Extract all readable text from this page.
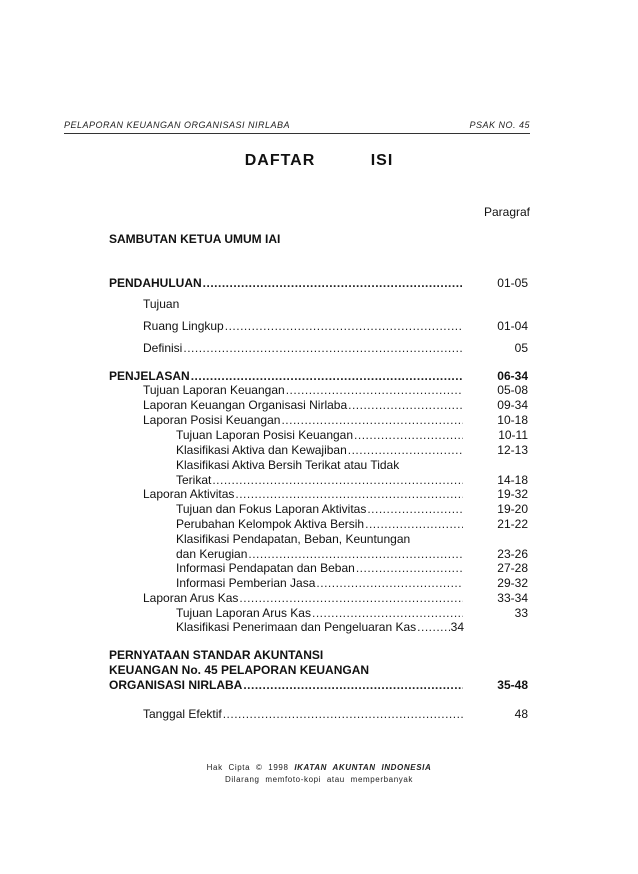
PELAPORAN KEUANGAN ORGANISASI NIRLABA	PSAK NO. 45
DAFTAR ISI
Paragraf
SAMBUTAN KETUA UMUM IAI
PENDAHULUAN .....	01-05
Tujuan
Ruang Lingkup .....	01-04
Definisi .....	05
PENJELASAN .....	06-34
Tujuan Laporan Keuangan .....	05-08
Laporan Keuangan Organisasi Nirlaba .....	09-34
Laporan Posisi Keuangan .....	10-18
Tujuan Laporan Posisi Keuangan .....	10-11
Klasifikasi Aktiva dan Kewajiban .....	12-13
Klasifikasi Aktiva Bersih Terikat atau Tidak
Terikat .....	14-18
Laporan Aktivitas .....	19-32
Tujuan dan Fokus Laporan Aktivitas .....	19-20
Perubahan Kelompok Aktiva Bersih .....	21-22
Klasifikasi Pendapatan, Beban, Keuntungan
dan Kerugian .....	23-26
Informasi Pendapatan dan Beban .....	27-28
Informasi Pemberian Jasa .....	29-32
Laporan Arus Kas .....	33-34
Tujuan Laporan Arus Kas .....	33
Klasifikasi Penerimaan dan Pengeluaran Kas .....	34
PERNYATAAN STANDAR AKUNTANSI
KEUANGAN No. 45 PELAPORAN KEUANGAN
ORGANISASI NIRLABA .....	35-48
Tanggal Efektif .....	48
Hak Cipta © 1998 IKATAN AKUNTAN INDONESIA
Dilarang memfoto-kopi atau memperbanyak
